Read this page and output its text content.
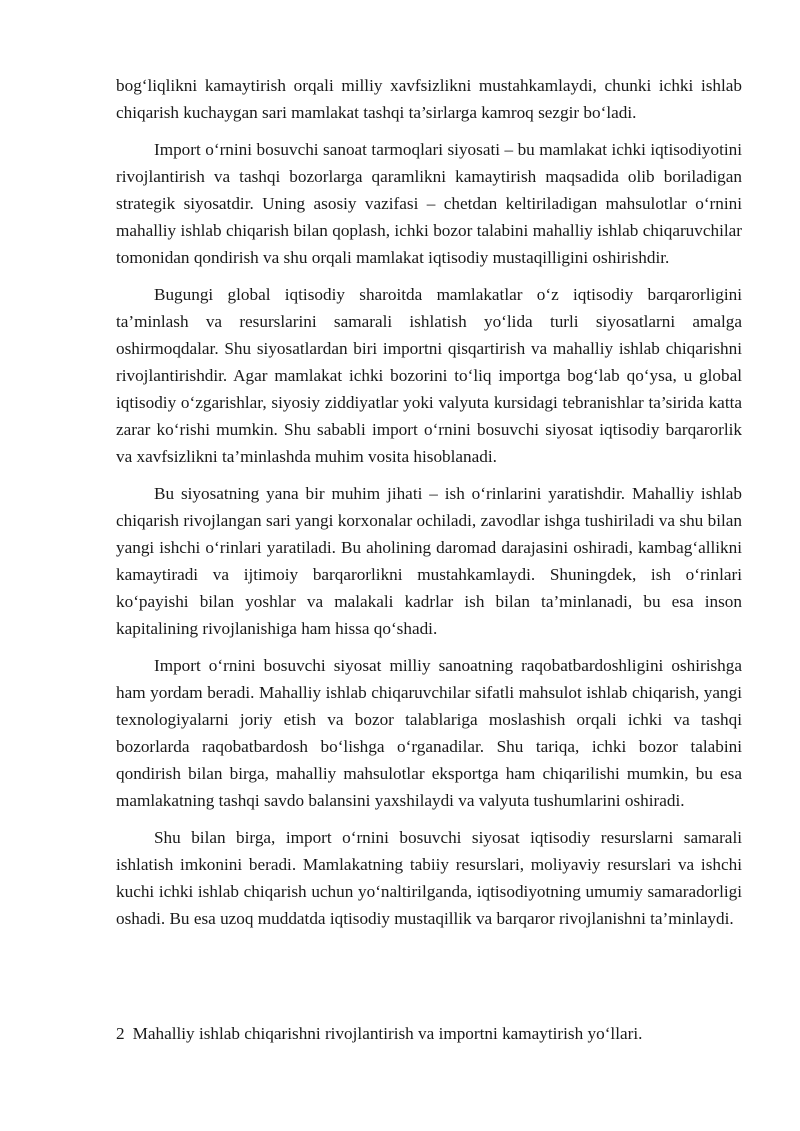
bog‘liqlikni kamaytirish orqali milliy xavfsizlikni mustahkamlaydi, chunki ichki ishlab chiqarish kuchaygan sari mamlakat tashqi ta’sirlarga kamroq sezgir bo‘ladi.

Import o‘rnini bosuvchi sanoat tarmoqlari siyosati – bu mamlakat ichki iqtisodiyotini rivojlantirish va tashqi bozorlarga qaramlikni kamaytirish maqsadida olib boriladigan strategik siyosatdir. Uning asosiy vazifasi – chetdan keltiriladigan mahsulotlar o‘rnini mahalliy ishlab chiqarish bilan qoplash, ichki bozor talabini mahalliy ishlab chiqaruvchilar tomonidan qondirish va shu orqali mamlakat iqtisodiy mustaqilligini oshirishdir.

Bugungi global iqtisodiy sharoitda mamlakatlar o‘z iqtisodiy barqarorligini ta’minlash va resurslarini samarali ishlatish yo‘lida turli siyosatlarni amalga oshirmoqdalar. Shu siyosatlardan biri importni qisqartirish va mahalliy ishlab chiqarishni rivojlantirishdir. Agar mamlakat ichki bozorini to‘liq importga bog‘lab qo‘ysa, u global iqtisodiy o‘zgarishlar, siyosiy ziddiyatlar yoki valyuta kursidagi tebranishlar ta’sirida katta zarar ko‘rishi mumkin. Shu sababli import o‘rnini bosuvchi siyosat iqtisodiy barqarorlik va xavfsizlikni ta’minlashda muhim vosita hisoblanadi.

Bu siyosatning yana bir muhim jihati – ish o‘rinlarini yaratishdir. Mahalliy ishlab chiqarish rivojlangan sari yangi korxonalar ochiladi, zavodlar ishga tushiriladi va shu bilan yangi ishchi o‘rinlari yaratiladi. Bu aholining daromad darajasini oshiradi, kambag‘allikni kamaytiradi va ijtimoiy barqarorlikni mustahkamlaydi. Shuningdek, ish o‘rinlari ko‘payishi bilan yoshlar va malakali kadrlar ish bilan ta’minlanadi, bu esa inson kapitalining rivojlanishiga ham hissa qo‘shadi.

Import o‘rnini bosuvchi siyosat milliy sanoatning raqobatbardoshligini oshirishga ham yordam beradi. Mahalliy ishlab chiqaruvchilar sifatli mahsulot ishlab chiqarish, yangi texnologiyalarni joriy etish va bozor talablariga moslashish orqali ichki va tashqi bozorlarda raqobatbardosh bo‘lishga o‘rganadilar. Shu tariqa, ichki bozor talabini qondirish bilan birga, mahalliy mahsulotlar eksportga ham chiqarilishi mumkin, bu esa mamlakatning tashqi savdo balansini yaxshilaydi va valyuta tushumlarini oshiradi.

Shu bilan birga, import o‘rnini bosuvchi siyosat iqtisodiy resurslarni samarali ishlatish imkonini beradi. Mamlakatning tabiiy resurslari, moliyaviy resurslari va ishchi kuchi ichki ishlab chiqarish uchun yo‘naltirilganda, iqtisodiyotning umumiy samaradorligi oshadi. Bu esa uzoq muddatda iqtisodiy mustaqillik va barqaror rivojlanishni ta’minlaydi.

2 Mahalliy ishlab chiqarishni rivojlantirish va importni kamaytirish yo‘llari.
